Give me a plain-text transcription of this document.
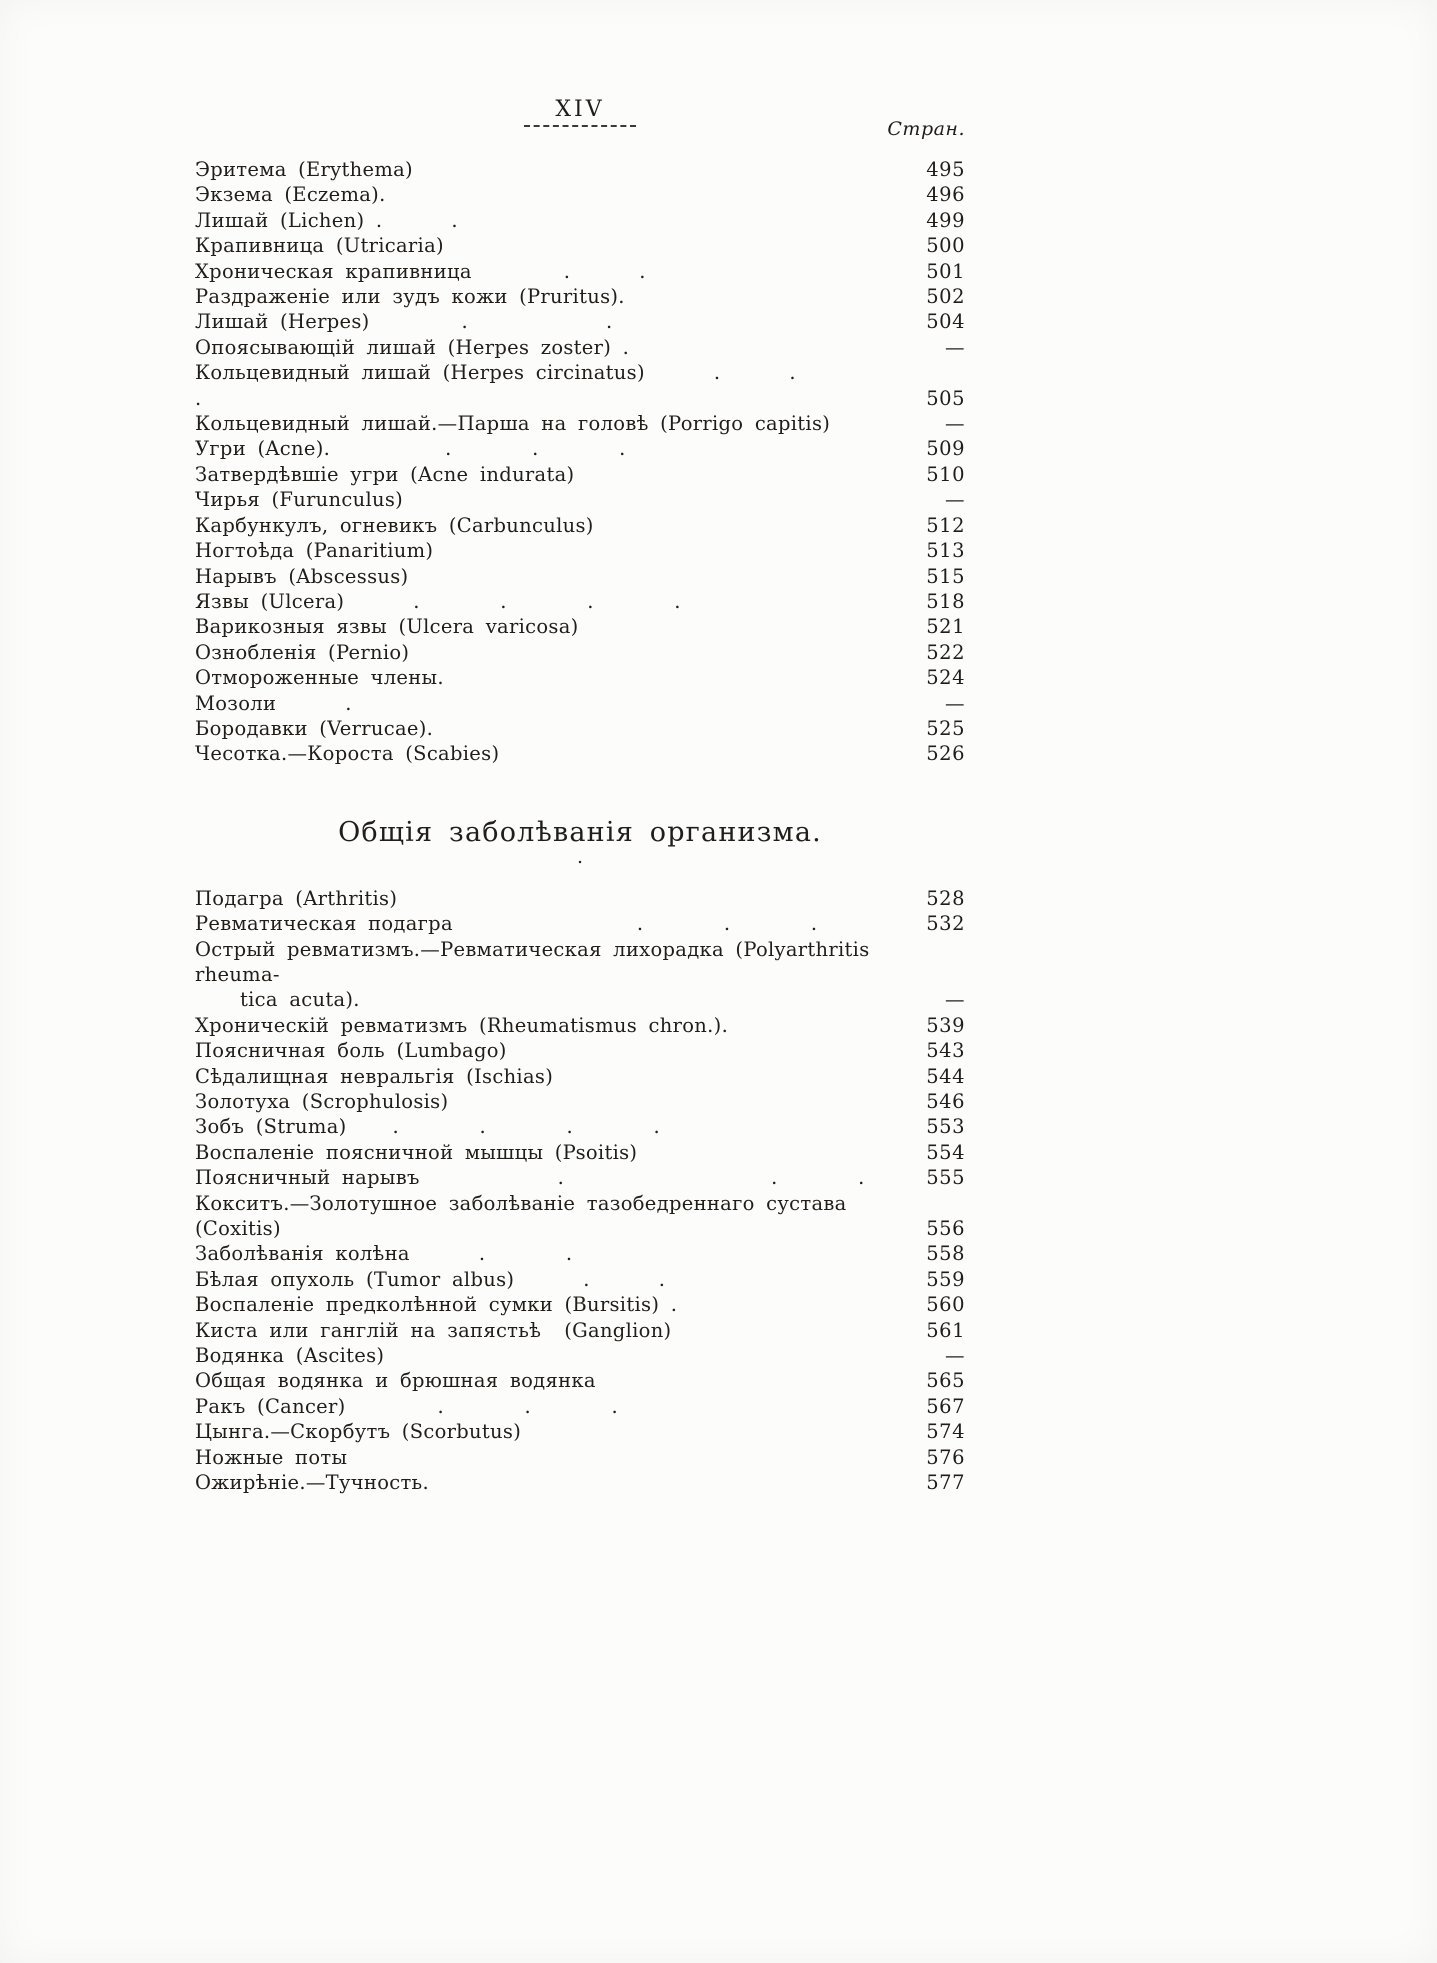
XIV
Стран.
Эритема (Erythema)	495
Экзема (Eczema).	496
Лишай (Lichen) .      .	499
Крапивница (Utricaria)	500
Хроническая крапивница        .      .	501
Раздраженіе или зудъ кожи (Pruritus).	502
Лишай (Herpes)        .            .	504
Опоясывающій лишай (Herpes zoster) .	—
Кольцевидный лишай (Herpes circinatus)      .      .          .	505
Кольцевидный лишай.—Парша на головѣ (Porrigo capitis)	—
Угри (Acne).          .       .       .	509
Затвердѣвшіе угри (Acne indurata)	510
Чирья (Furunculus)	—
Карбункулъ, огневикъ (Carbunculus)	512
Ногтоѣда (Panaritium)	513
Нарывъ (Abscessus)	515
Язвы (Ulcera)      .       .       .       .	518
Варикозныя язвы (Ulcera varicosa)	521
Ознобленія (Pernio)	522
Отмороженные члены.	524
Мозоли      .	—
Бородавки (Verrucae).	525
Чесотка.—Короста (Scabies)	526
Общія заболѣванія организма.
.
Подагра (Arthritis)	528
Ревматическая подагра                .       .       .	532
Острый ревматизмъ.—Ревматическая лихорадка (Polyarthritis rheuma-
tica acuta).	—
Хроническій ревматизмъ (Rheumatismus chron.).	539
Поясничная боль (Lumbago)	543
Сѣдалищная невральгія (Ischias)	544
Золотуха (Scrophulosis)	546
Зобъ (Struma)    .       .       .       .	553
Воспаленіе поясничной мышцы (Psoitis)	554
Поясничный нарывъ            .                  .       .	555
Кокситъ.—Золотушное заболѣваніе тазобедреннаго сустава (Coxitis)	556
Заболѣванія колѣна      .       .	558
Бѣлая опухоль (Tumor albus)      .      .	559
Воспаленіе предколѣнной сумки (Bursitis) .	560
Киста или ганглій на запястьѣ  (Ganglion)	561
Водянка (Ascites)	—
Общая водянка и брюшная водянка	565
Ракъ (Cancer)        .       .       .	567
Цынга.—Скорбутъ (Scorbutus)	574
Ножные поты	576
Ожирѣніе.—Тучность.	577
